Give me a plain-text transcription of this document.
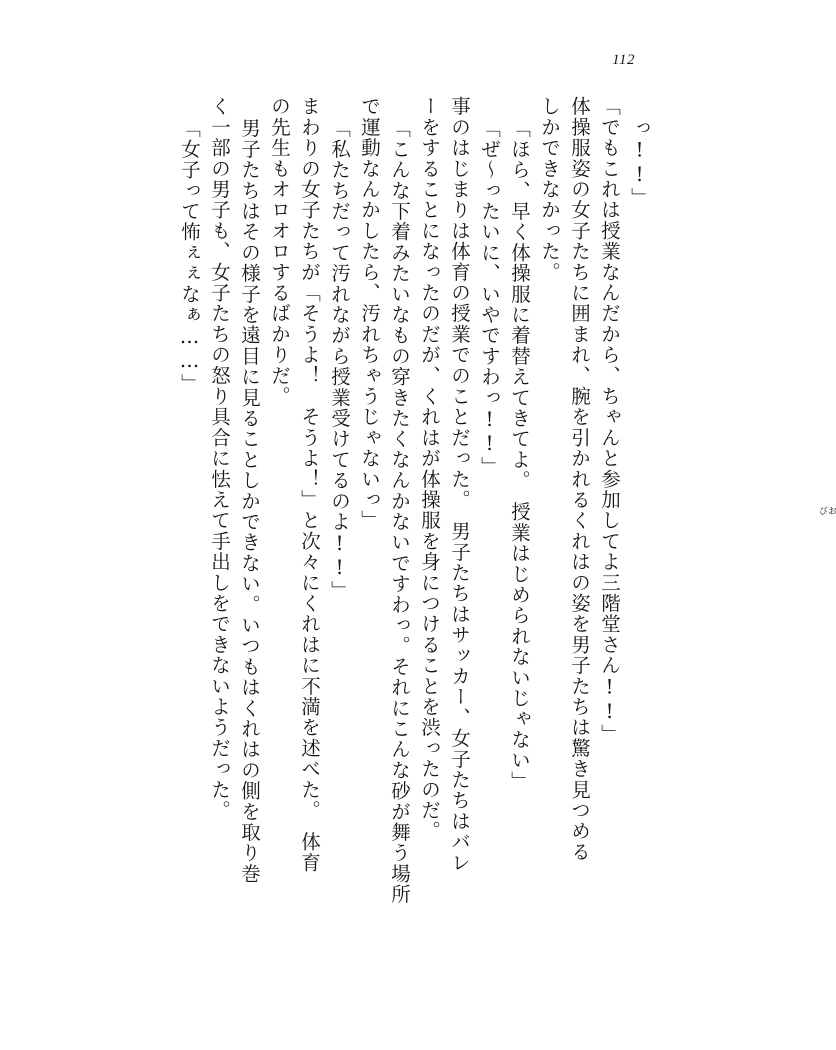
112
っ!!」
「でもこれは授業なんだから、ちゃんと参加してよ三階堂さん!!」
体操服姿の女子たちに囲まれ、腕を引かれるくれはの姿を男子たちは驚き見つめる
しかできなかった。
「ほら、早く体操服に着替えてきてよ。　授業はじめられないじゃない」
「ぜ～ったいに、いやですわっ!!」
事のはじまりは体育の授業でのことだった。　男子たちはサッカー、女子たちはバレ
ーをすることになったのだが、くれはが体操服を身につけることを渋ったのだ。
「こんな下着みたいなもの穿きたくなんかないですわっ。それにこんな砂が舞う場所
で運動なんかしたら、汚れちゃうじゃないっ」
「私たちだって汚れながら授業受けてるのよ!!」
まわりの女子たちが「そうよ！　そうよ！」と次々にくれはに不満を述べた。　体育
の先生もオロオロするばかりだ。
男子たちはその様子を遠目に見ることしかできない。いつもはくれはの側を取り巻
く一部の男子も、女子たちの怒り具合に怯えて手出しをできないようだった。
「女子って怖ぇぇなぁ……」
おび
